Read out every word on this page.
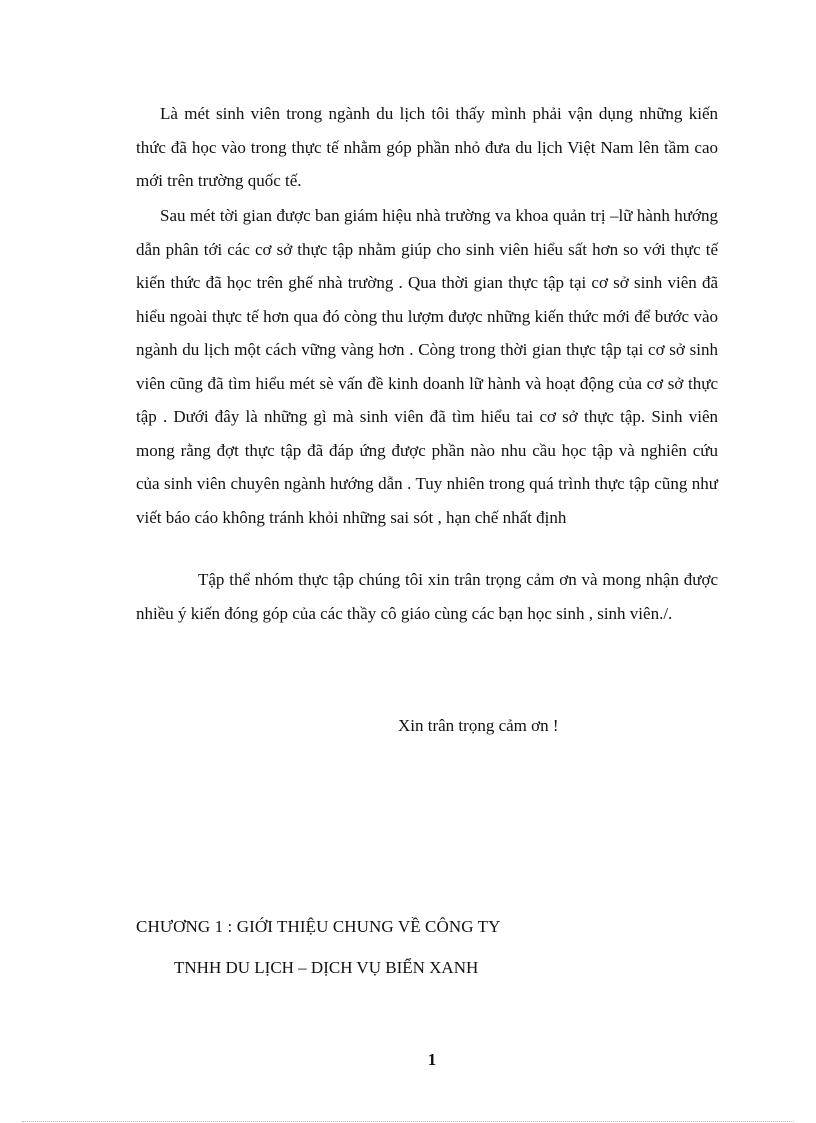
Là mét sinh viên trong ngành du lịch tôi thấy mình phải vận dụng những kiến thức đã học vào trong thực tế nhằm góp phần nhỏ đưa du lịch Việt Nam lên tầm cao mới trên trường quốc tế.

Sau mét tời gian được ban giám hiệu nhà trường va khoa quản trị –lữ hành hướng dẫn phân tới các cơ sở thực tập nhằm giúp cho sinh viên hiểu sất hơn so với thực tế kiến thức đã học trên ghế nhà trường . Qua thời gian thực tập tại cơ sở sinh viên đã hiểu ngoài thực tế hơn qua đó còng thu lượm được những kiến thức mới để bước vào ngành du lịch một cách vững vàng hơn . Còng trong thời gian thực tập tại cơ sở sinh viên cũng đã tìm hiểu mét sè vấn đề kinh doanh lữ hành và hoạt động của cơ sở thực tập . Dưới đây là những gì mà sinh viên đã tìm hiểu tai cơ sở thực tập. Sinh viên mong rằng đợt thực tập đã đáp ứng được phần nào nhu cầu học tập và nghiên cứu của sinh viên chuyên ngành hướng dẫn . Tuy nhiên trong quá trình thực tập cũng như viết báo cáo không tránh khỏi những sai sót , hạn chế nhất định

Tập thể nhóm thực tập chúng tôi xin trân trọng cảm ơn và mong nhận được nhiều ý kiến đóng góp của các thầy cô giáo cùng các bạn học sinh , sinh viên./.

Xin trân trọng cảm ơn !

CHƯƠNG 1 : GIỚI THIỆU CHUNG VỀ CÔNG TY

TNHH DU LỊCH – DỊCH VỤ BIỂN XANH

1
